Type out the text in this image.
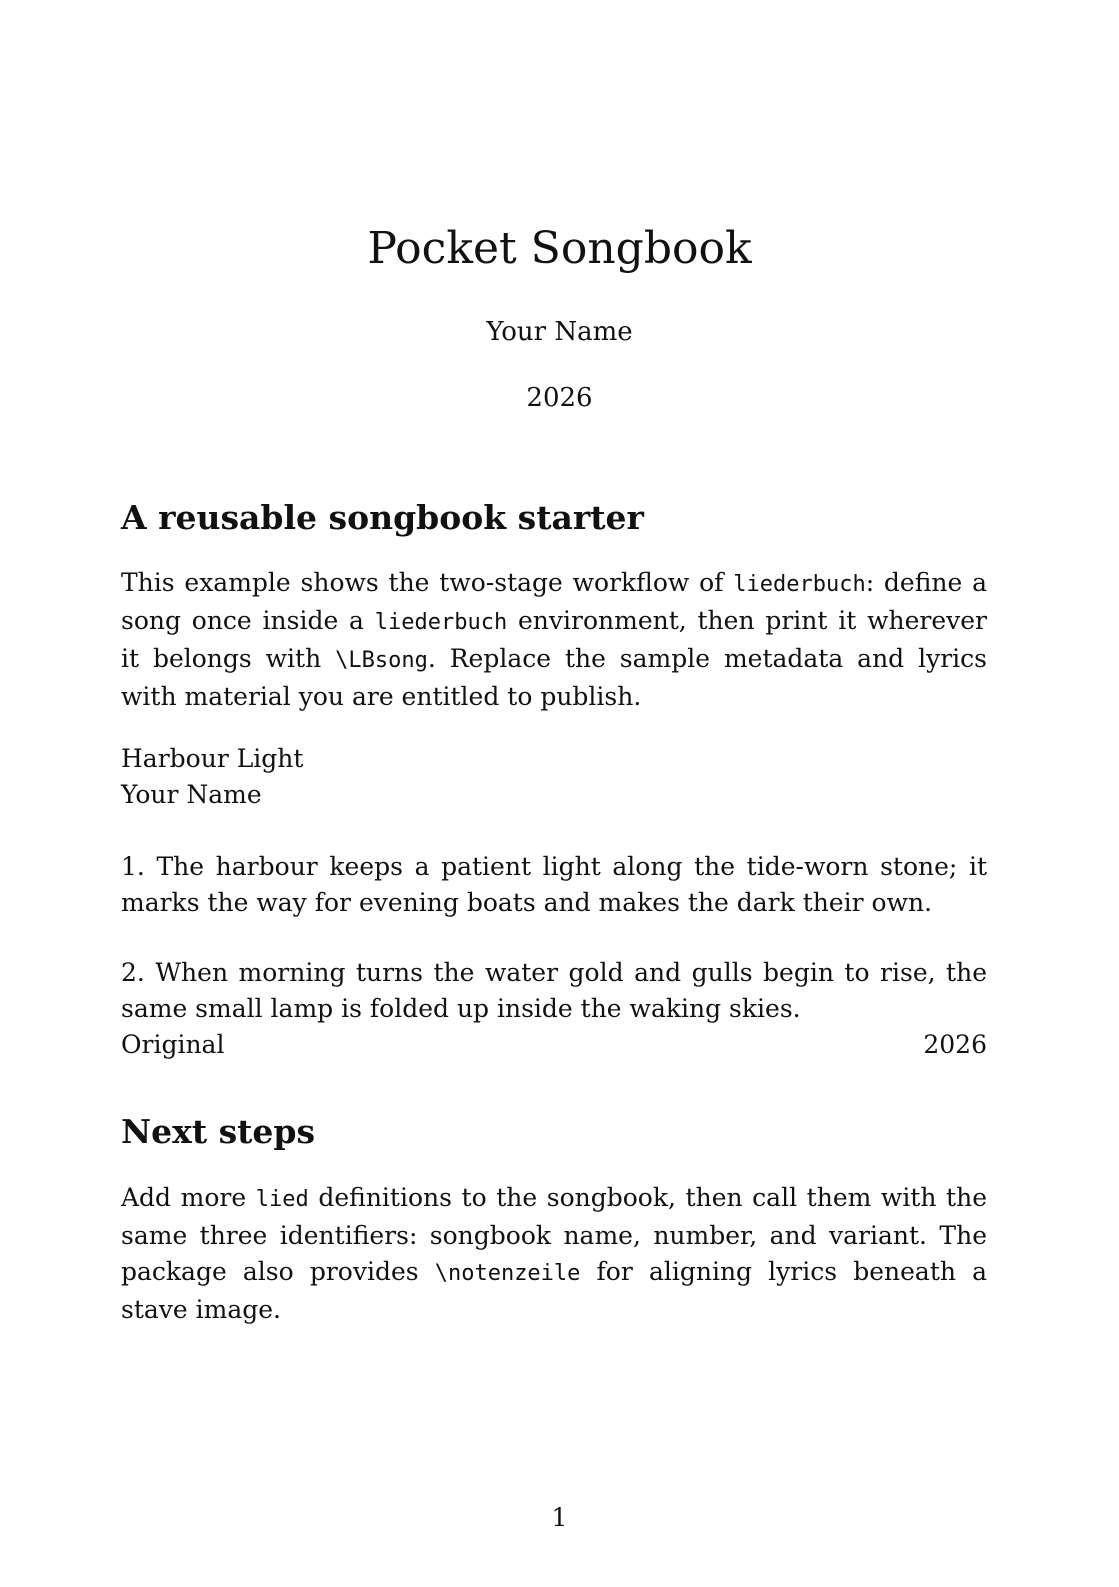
Pocket Songbook
Your Name
2026
A reusable songbook starter

This example shows the two-stage workflow of liederbuch: define a song once inside a liederbuch environment, then print it wherever it belongs with \LBsong. Replace the sample metadata and lyrics with material you are entitled to publish.

Harbour Light
Your Name

1. The harbour keeps a patient light along the tide-worn stone; it marks the way for evening boats and makes the dark their own.

2. When morning turns the water gold and gulls begin to rise, the same small lamp is folded up inside the waking skies.

Original	2026
Next steps

Add more lied definitions to the songbook, then call them with the same three identifiers: songbook name, number, and variant. The package also provides \notenzeile for aligning lyrics beneath a stave image.

1
